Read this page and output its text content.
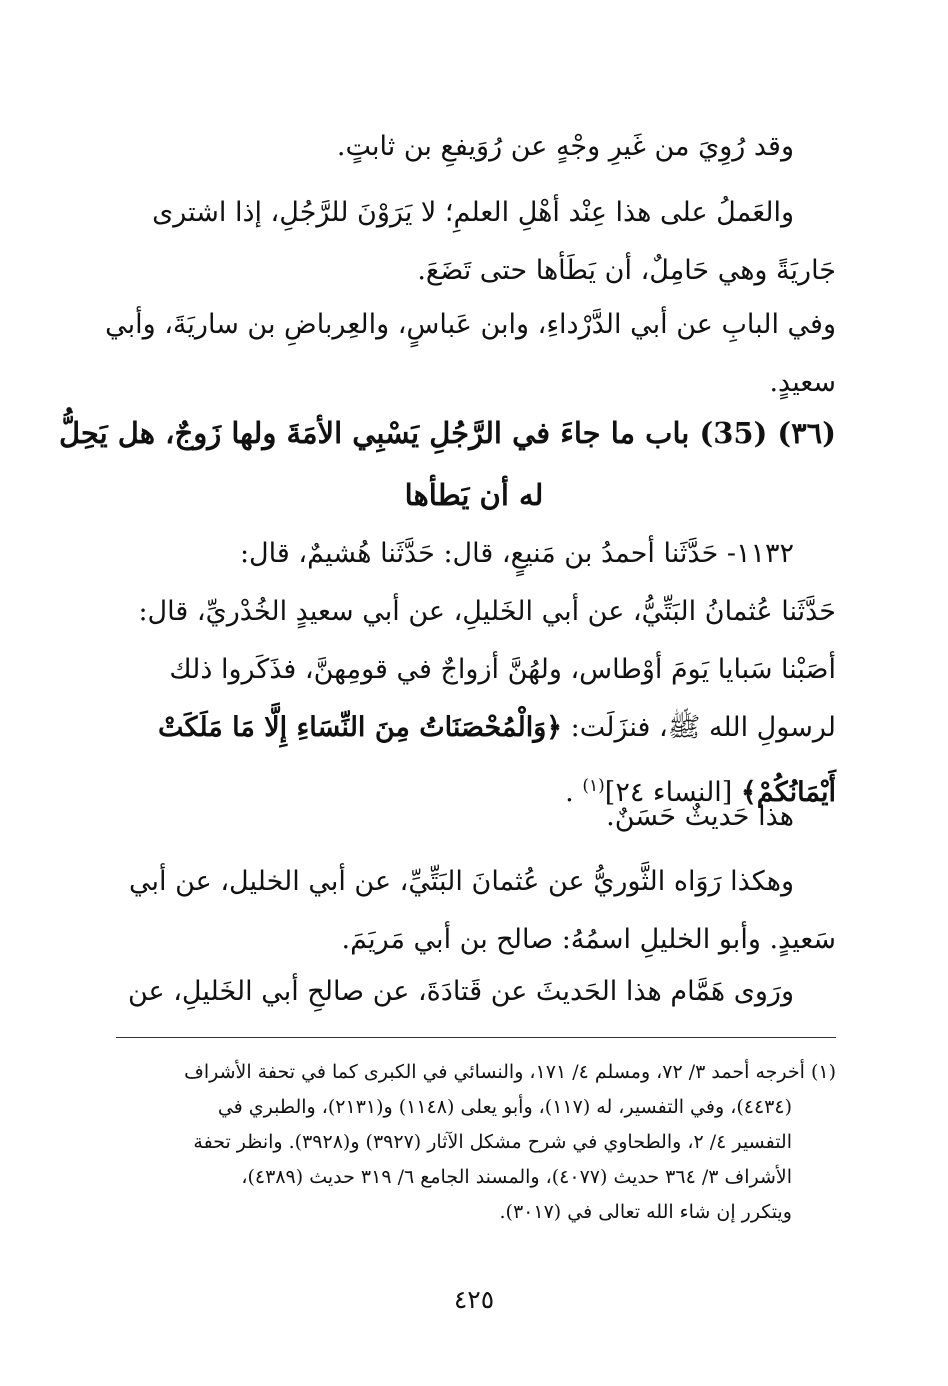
وقد رُوِيَ من غَيرِ وجْهٍ عن رُوَيفعِ بن ثابتٍ.

والعَملُ على هذا عِنْد أهْلِ العلمِ؛ لا يَرَوْنَ للرَّجُلِ، إذا اشترى
جَاريَةً وهي حَامِلٌ، أن يَطَأها حتى تَضَعَ.

وفي البابِ عن أبي الدَّرْداءِ، وابن عَباسٍ، والعِرباضِ بن ساريَةَ، وأبي
سعيدٍ.

(٣٦) (35) باب ما جاءَ في الرَّجُلِ يَسْبِي الأمَةَ ولها زَوجٌ، هل يَحِلُّ
له أن يَطأها

١١٣٢- حَدَّثَنا أحمدُ بن مَنيعٍ، قال: حَدَّثَنا هُشيمٌ، قال:
حَدَّثَنا عُثمانُ البَتِّيُّ، عن أبي الخَليلِ، عن أبي سعيدٍ الخُدْريِّ، قال:
أصَبْنا سَبايا يَومَ أوْطاس، ولهُنَّ أزواجٌ في قومِهنَّ، فذَكَروا ذلك
لرسولِ الله ﷺ، فنزَلَت: ﴿وَالْمُحْصَنَاتُ مِنَ النِّسَاءِ إِلَّا مَا مَلَكَتْ
أَيْمَانُكُمْ﴾ [النساء ٢٤]$^{(١)}$ .

هذا حَديثٌ حَسَنٌ.

وهكذا رَوَاه الثَّوريُّ عن عُثمانَ البَتِّيِّ، عن أبي الخليل، عن أبي
سَعيدٍ. وأبو الخليلِ اسمُهُ: صالح بن أبي مَريَمَ.

ورَوى هَمَّام هذا الحَديثَ عن قَتادَةَ، عن صالحِ أبي الخَليلِ، عن

(١) أخرجه أحمد ٣/ ٧٢، ومسلم ٤/ ١٧١، والنسائي في الكبرى كما في تحفة الأشراف
(٤٤٣٤)، وفي التفسير، له (١١٧)، وأبو يعلى (١١٤٨) و(٢١٣١)، والطبري في
التفسير ٤/ ٢، والطحاوي في شرح مشكل الآثار (٣٩٢٧) و(٣٩٢٨). وانظر تحفة
الأشراف ٣/ ٣٦٤ حديث (٤٠٧٧)، والمسند الجامع ٦/ ٣١٩ حديث (٤٣٨٩)،
ويتكرر إن شاء الله تعالى في (٣٠١٧).
٤٢٥
